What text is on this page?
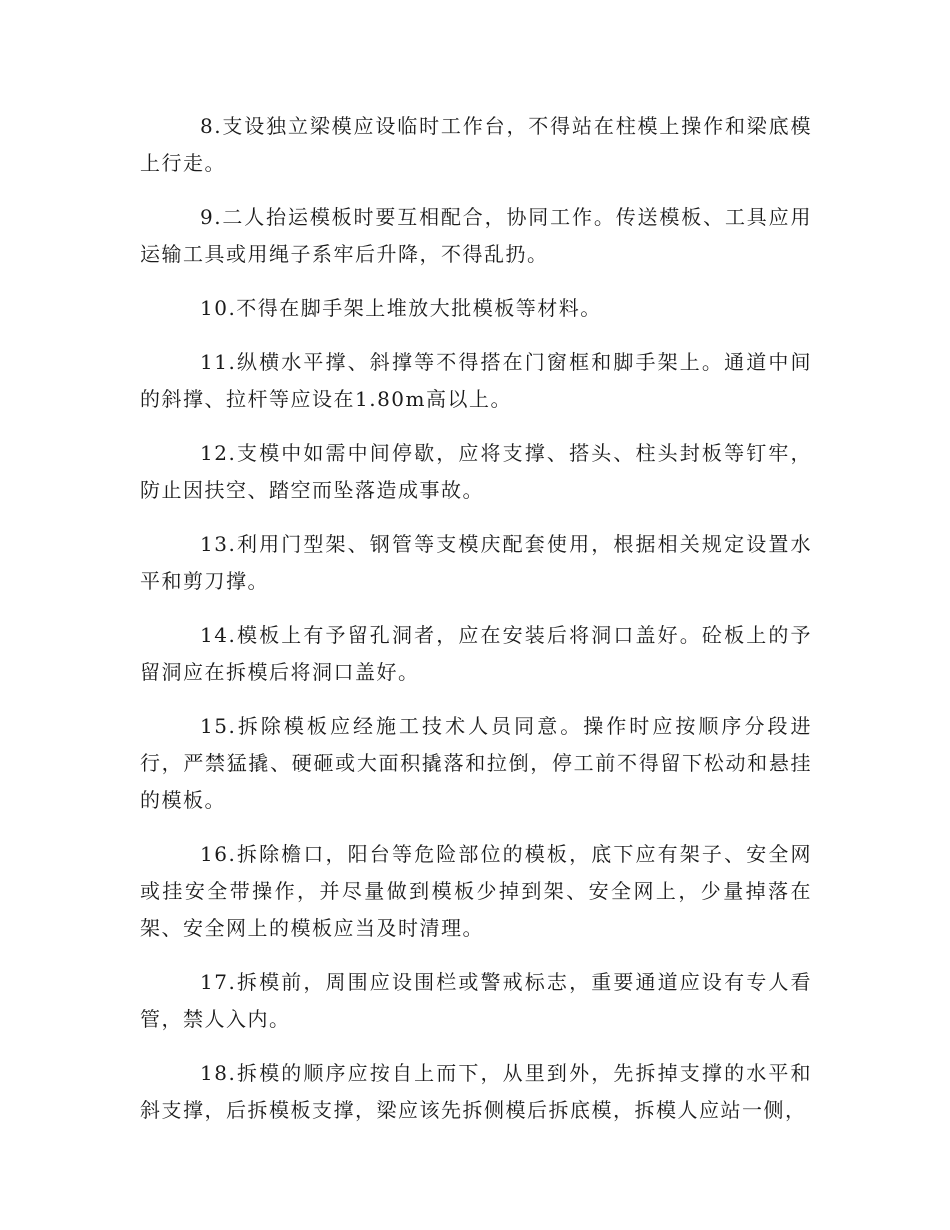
8.支设独立梁模应设临时工作台，不得站在柱模上操作和梁底模上行走。

9.二人抬运模板时要互相配合，协同工作。传送模板、工具应用运输工具或用绳子系牢后升降，不得乱扔。

10.不得在脚手架上堆放大批模板等材料。

11.纵横水平撑、斜撑等不得搭在门窗框和脚手架上。通道中间的斜撑、拉杆等应设在1.80m高以上。

12.支模中如需中间停歇，应将支撑、搭头、柱头封板等钉牢，防止因扶空、踏空而坠落造成事故。

13.利用门型架、钢管等支模庆配套使用，根据相关规定设置水平和剪刀撑。

14.模板上有予留孔洞者，应在安装后将洞口盖好。砼板上的予留洞应在拆模后将洞口盖好。

15.拆除模板应经施工技术人员同意。操作时应按顺序分段进行，严禁猛撬、硬砸或大面积撬落和拉倒，停工前不得留下松动和悬挂的模板。

16.拆除檐口，阳台等危险部位的模板，底下应有架子、安全网或挂安全带操作，并尽量做到模板少掉到架、安全网上，少量掉落在架、安全网上的模板应当及时清理。

17.拆模前，周围应设围栏或警戒标志，重要通道应设有专人看管，禁人入内。

18.拆模的顺序应按自上而下，从里到外，先拆掉支撑的水平和斜支撑，后拆模板支撑，梁应该先拆侧模后拆底模，拆模人应站一侧，
